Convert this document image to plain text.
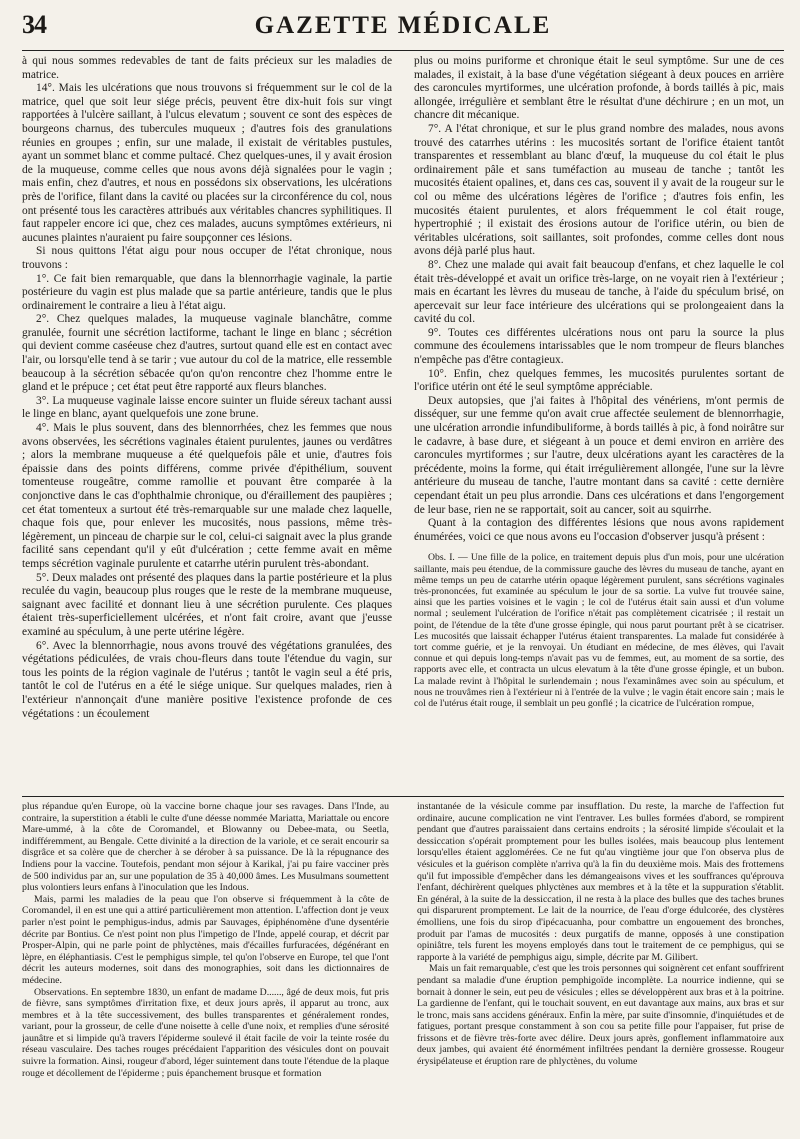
34	GAZETTE MÉDICALE

à qui nous sommes redevables de tant de faits précieux sur les maladies de matrice.

14°. Mais les ulcérations que nous trouvons si fréquemment sur le col de la matrice, quel que soit leur siége précis, peuvent être dix-huit fois sur vingt rapportées à l'ulcère saillant, à l'ulcus elevatum ; souvent ce sont des espèces de bourgeons charnus, des tubercules muqueux ; d'autres fois des granulations réunies en groupes ; enfin, sur une malade, il existait de véritables pustules, ayant un sommet blanc et comme pultacé. Chez quelques-unes, il y avait érosion de la muqueuse, comme celles que nous avons déjà signalées pour le vagin ; mais enfin, chez d'autres, et nous en possédons six observations, les ulcérations près de l'orifice, filant dans la cavité ou placées sur la circonférence du col, nous ont présenté tous les caractères attribués aux véritables chancres syphilitiques. Il faut rappeler encore ici que, chez ces malades, aucuns symptômes extérieurs, ni aucunes plaintes n'auraient pu faire soupçonner ces lésions.

Si nous quittons l'état aigu pour nous occuper de l'état chronique, nous trouvons :

1°. Ce fait bien remarquable, que dans la blennorrhagie vaginale, la partie postérieure du vagin est plus malade que sa partie antérieure, tandis que le plus ordinairement le contraire a lieu à l'état aigu.

2°. Chez quelques malades, la muqueuse vaginale blanchâtre, comme granulée, fournit une sécrétion lactiforme, tachant le linge en blanc ; sécrétion qui devient comme caséeuse chez d'autres, surtout quand elle est en contact avec l'air, ou lorsqu'elle tend à se tarir ; vue autour du col de la matrice, elle ressemble beaucoup à la sécrétion sébacée qu'on qu'on rencontre chez l'homme entre le gland et le prépuce ; cet état peut être rapporté aux fleurs blanches.

3°. La muqueuse vaginale laisse encore suinter un fluide séreux tachant aussi le linge en blanc, ayant quelquefois une zone brune.

4°. Mais le plus souvent, dans des blennorrhées, chez les femmes que nous avons observées, les sécrétions vaginales étaient purulentes, jaunes ou verdâtres ; alors la membrane muqueuse a été quelquefois pâle et unie, d'autres fois épaissie dans des points différens, comme privée d'épithélium, souvent tomenteuse rougeâtre, comme ramollie et pouvant être comparée à la conjonctive dans le cas d'ophthalmie chronique, ou d'éraillement des paupières ; cet état tomenteux a surtout été très-remarquable sur une malade chez laquelle, chaque fois que, pour enlever les mucosités, nous passions, même très-légèrement, un pinceau de charpie sur le col, celui-ci saignait avec la plus grande facilité sans cependant qu'il y eût d'ulcération ; cette femme avait en même temps sécrétion vaginale purulente et catarrhe utérin purulent très-abondant.

5°. Deux malades ont présenté des plaques dans la partie postérieure et la plus reculée du vagin, beaucoup plus rouges que le reste de la membrane muqueuse, saignant avec facilité et donnant lieu à une sécrétion purulente. Ces plaques étaient très-superficiellement ulcérées, et n'ont fait croire, avant que j'eusse examiné au spéculum, à une perte utérine légère.

6°. Avec la blennorrhagie, nous avons trouvé des végétations granulées, des végétations pédiculées, de vrais chou-fleurs dans toute l'étendue du vagin, sur tous les points de la région vaginale de l'utérus ; tantôt le vagin seul a été pris, tantôt le col de l'utérus en a été le siége unique. Sur quelques malades, rien à l'extérieur n'annonçait d'une manière positive l'existence profonde de ces végétations : un écoulement

plus ou moins puriforme et chronique était le seul symptôme. Sur une de ces malades, il existait, à la base d'une végétation siégeant à deux pouces en arrière des caroncules myrtiformes, une ulcération profonde, à bords taillés à pic, mais allongée, irrégulière et semblant être le résultat d'une déchirure ; en un mot, un chancre dit mécanique.

7°. A l'état chronique, et sur le plus grand nombre des malades, nous avons trouvé des catarrhes utérins : les mucosités sortant de l'orifice étaient tantôt transparentes et ressemblant au blanc d'œuf, la muqueuse du col était le plus ordinairement pâle et sans tuméfaction au museau de tanche ; tantôt les mucosités étaient opalines, et, dans ces cas, souvent il y avait de la rougeur sur le col ou même des ulcérations légères de l'orifice ; d'autres fois enfin, les mucosités étaient purulentes, et alors fréquemment le col était rouge, hypertrophié ; il existait des érosions autour de l'orifice utérin, ou bien de véritables ulcérations, soit saillantes, soit profondes, comme celles dont nous avons déjà parlé plus haut.

8°. Chez une malade qui avait fait beaucoup d'enfans, et chez laquelle le col était très-développé et avait un orifice très-large, on ne voyait rien à l'extérieur ; mais en écartant les lèvres du museau de tanche, à l'aide du spéculum brisé, on apercevait sur leur face intérieure des ulcérations qui se prolongeaient dans la cavité du col.

9°. Toutes ces différentes ulcérations nous ont paru la source la plus commune des écoulemens intarissables que le nom trompeur de fleurs blanches n'empêche pas d'être contagieux.

10°. Enfin, chez quelques femmes, les mucosités purulentes sortant de l'orifice utérin ont été le seul symptôme appréciable.

Deux autopsies, que j'ai faites à l'hôpital des vénériens, m'ont permis de disséquer, sur une femme qu'on avait crue affectée seulement de blennorrhagie, une ulcération arrondie infundibuliforme, à bords taillés à pic, à fond noirâtre sur le cadavre, à base dure, et siégeant à un pouce et demi environ en arrière des caroncules myrtiformes ; sur l'autre, deux ulcérations ayant les caractères de la précédente, moins la forme, qui était irrégulièrement allongée, l'une sur la lèvre antérieure du museau de tanche, l'autre montant dans sa cavité : cette dernière cependant était un peu plus arrondie. Dans ces ulcérations et dans l'engorgement de leur base, rien ne se rapportait, soit au cancer, soit au squirrhe.

Quant à la contagion des différentes lésions que nous avons rapidement énumérées, voici ce que nous avons eu l'occasion d'observer jusqu'à présent :

Obs. I. — Une fille de la police, en traitement depuis plus d'un mois, pour une ulcération saillante, mais peu étendue, de la commissure gauche des lèvres du museau de tanche, ayant en même temps un peu de catarrhe utérin opaque légèrement purulent, sans sécrétions vaginales très-prononcées, fut examinée au spéculum le jour de sa sortie. La vulve fut trouvée saine, ainsi que les parties voisines et le vagin ; le col de l'utérus était sain aussi et d'un volume normal ; seulement l'ulcération de l'orifice n'était pas complètement cicatrisée ; il restait un point, de l'étendue de la tête d'une grosse épingle, qui nous parut pourtant prêt à se cicatriser. Les mucosités que laissait échapper l'utérus étaient transparentes. La malade fut considérée à tort comme guérie, et je la renvoyai. Un étudiant en médecine, de mes élèves, qui l'avait connue et qui depuis long-temps n'avait pas vu de femmes, eut, au moment de sa sortie, des rapports avec elle, et contracta un ulcus elevatum à la tête d'une grosse épingle, et un bubon. La malade revint à l'hôpital le surlendemain ; nous l'examinâmes avec soin au spéculum, et nous ne trouvâmes rien à l'extérieur ni à l'entrée de la vulve ; le vagin était encore sain ; mais le col de l'utérus était rouge, il semblait un peu gonflé ; la cicatrice de l'ulcération rompue,

plus répandue qu'en Europe, où la vaccine borne chaque jour ses ravages. Dans l'Inde, au contraire, la superstition a établi le culte d'une déesse nommée Mariatta, Mariattale ou encore Mare-ummé, à la côte de Coromandel, et Blowanny ou Debee-mata, ou Seetla, indifféremment, au Bengale. Cette divinité a la direction de la variole, et ce serait encourir sa disgrâce et sa colère que de chercher à se dérober à sa puissance. De là la répugnance des Indiens pour la vaccine. Toutefois, pendant mon séjour à Karikal, j'ai pu faire vacciner près de 500 individus par an, sur une population de 35 à 40,000 âmes. Les Musulmans soumettent plus volontiers leurs enfans à l'inoculation que les Indous.

Mais, parmi les maladies de la peau que l'on observe si fréquemment à la côte de Coromandel, il en est une qui a attiré particulièrement mon attention. L'affection dont je veux parler n'est point le pemphigus-indus, admis par Sauvages, épiphénomène d'une dysentérie décrite par Bontius. Ce n'est point non plus l'impetigo de l'Inde, appelé courap, et décrit par Prosper-Alpin, qui ne parle point de phlyctènes, mais d'écailles furfuracées, dégénérant en lèpre, en éléphantiasis. C'est le pemphigus simple, tel qu'on l'observe en Europe, tel que l'ont décrit les auteurs modernes, soit dans des monographies, soit dans les dictionnaires de médecine.

Observations. En septembre 1830, un enfant de madame D......, âgé de deux mois, fut pris de fièvre, sans symptômes d'irritation fixe, et deux jours après, il apparut au tronc, aux membres et à la tête successivement, des bulles transparentes et généralement rondes, variant, pour la grosseur, de celle d'une noisette à celle d'une noix, et remplies d'une sérosité jaunâtre et si limpide qu'à travers l'épiderme soulevé il était facile de voir la teinte rosée du réseau vasculaire. Des taches rouges précédaient l'apparition des vésicules dont on pouvait suivre la formation. Ainsi, rougeur d'abord, léger suintement dans toute l'étendue de la plaque rouge et décollement de l'épiderme ; puis épanchement brusque et formation

instantanée de la vésicule comme par insufflation. Du reste, la marche de l'affection fut ordinaire, aucune complication ne vint l'entraver. Les bulles formées d'abord, se rompirent pendant que d'autres paraissaient dans certains endroits ; la sérosité limpide s'écoulait et la dessiccation s'opérait promptement pour les bulles isolées, mais beaucoup plus lentement lorsqu'elles étaient agglomérées. Ce ne fut qu'au vingtième jour que l'on observa plus de vésicules et la guérison complète n'arriva qu'à la fin du deuxième mois. Mais des frottemens qu'il fut impossible d'empêcher dans les démangeaisons vives et les souffrances qu'éprouva l'enfant, déchirèrent quelques phlyctènes aux membres et à la tête et la suppuration s'établit. En général, à la suite de la dessiccation, il ne resta à la place des bulles que des taches brunes qui disparurent promptement. Le lait de la nourrice, de l'eau d'orge édulcorée, des clystères émolliens, une fois du sirop d'ipécacuanha, pour combattre un engouement des bronches, produit par l'amas de mucosités : deux purgatifs de manne, opposés à une constipation opiniâtre, tels furent les moyens employés dans tout le traitement de ce pemphigus, qui se rapporte à la variété de pemphigus aigu, simple, décrite par M. Gilibert.

Mais un fait remarquable, c'est que les trois personnes qui soignèrent cet enfant souffrirent pendant sa maladie d'une éruption pemphigoïde incomplète. La nourrice indienne, qui se bornait à donner le sein, eut peu de vésicules ; elles se développèrent aux bras et à la poitrine. La gardienne de l'enfant, qui le touchait souvent, en eut davantage aux mains, aux bras et sur le tronc, mais sans accidens généraux. Enfin la mère, par suite d'insomnie, d'inquiétudes et de fatigues, portant presque constamment à son cou sa petite fille pour l'appaiser, fut prise de frissons et de fièvre très-forte avec délire. Deux jours après, gonflement inflammatoire aux deux jambes, qui avaient été énormément infiltrées pendant la dernière grossesse. Rougeur érysipélateuse et éruption rare de phlyctènes, du volume
